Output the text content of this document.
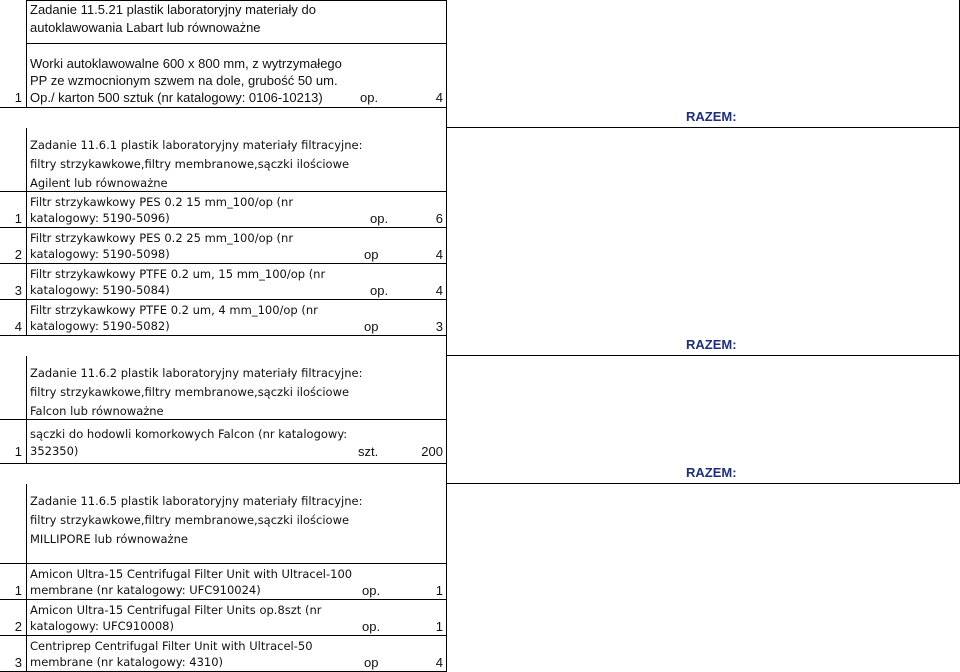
Zadanie 11.5.21 plastik laboratoryjny materiały do
autoklawowania Labart lub równoważne
Worki autoklawowalne 600 x 800 mm, z wytrzymałego
PP ze wzmocnionym szwem na dole, grubość 50 um.
Op./ karton 500 sztuk (nr katalogowy: 0106-10213)
1	op.	4
RAZEM:
Zadanie 11.6.1 plastik laboratoryjny materiały filtracyjne:
filtry strzykawkowe,filtry membranowe,sączki ilościowe
Agilent lub równoważne
Filtr strzykawkowy PES 0.2 15 mm_100/op (nr
katalogowy: 5190-5096)
1	op.	6
Filtr strzykawkowy PES 0.2 25 mm_100/op (nr
katalogowy: 5190-5098)
2	op	4
Filtr strzykawkowy PTFE 0.2 um, 15 mm_100/op (nr
katalogowy: 5190-5084)
3	op.	4
Filtr strzykawkowy PTFE 0.2 um, 4 mm_100/op (nr
katalogowy: 5190-5082)
4	op	3
RAZEM:
Zadanie 11.6.2 plastik laboratoryjny materiały filtracyjne:
filtry strzykawkowe,filtry membranowe,sączki ilościowe
Falcon lub równoważne
sączki do hodowli komorkowych Falcon (nr katalogowy:
352350)
1	szt.	200
RAZEM:
Zadanie 11.6.5 plastik laboratoryjny materiały filtracyjne:
filtry strzykawkowe,filtry membranowe,sączki ilościowe
MILLIPORE lub równoważne
Amicon Ultra-15 Centrifugal Filter Unit with Ultracel-100
membrane (nr katalogowy: UFC910024)
1	op.	1
Amicon Ultra-15 Centrifugal Filter Units op.8szt (nr
katalogowy: UFC910008)
2	op.	1
Centriprep Centrifugal Filter Unit with Ultracel-50
membrane (nr katalogowy: 4310)
3	op	4
